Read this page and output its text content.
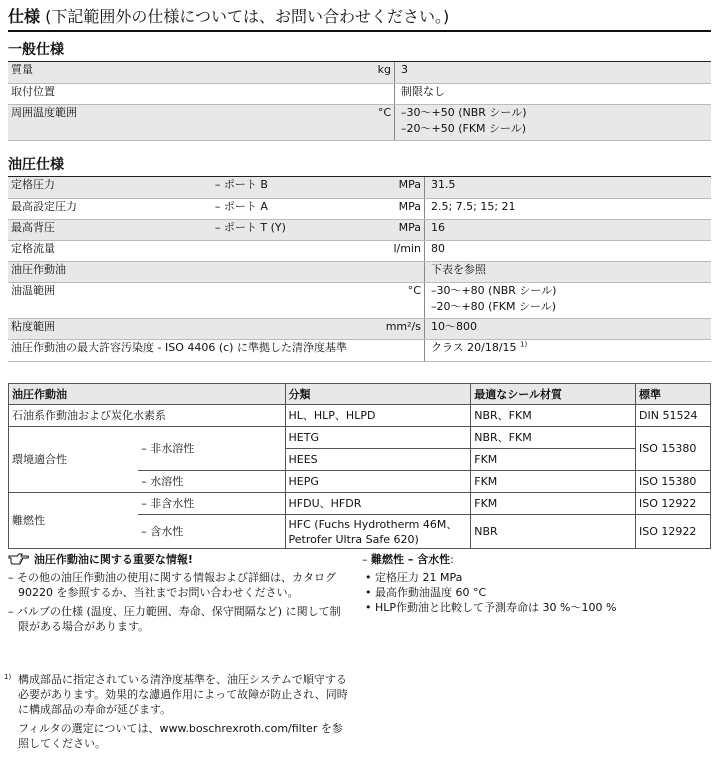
仕様 (下記範囲外の仕様については、お問い合わせください。)
一般仕様
質量		kg	3

取付位置			制限なし

周囲温度範囲		°C	–30〜+50 (NBR シール)
–20〜+50 (FKM シール)
油圧仕様
定格圧力	– ポート B	MPa	31.5

最高設定圧力	– ポート A	MPa	2.5; 7.5; 15; 21

最高背圧	– ポート T (Y)	MPa	16

定格流量		l/min	80

油圧作動油			下表を参照

油温範囲		°C	–30〜+80 (NBR シール)
–20〜+80 (FKM シール)

粘度範囲		mm²/s	10〜800

油圧作動油の最大許容汚染度 - ISO 4406 (c) に準拠した清浄度基準			クラス 20/18/15 $^{1)}$
油圧作動油		分類	最適なシール材質	標準
石油系作動油および炭化水素系		HL、HLP、HLPD	NBR、FKM	DIN 51524
環境適合性	– 非水溶性	HETG	NBR、FKM	ISO 15380
		HEES	FKM	
	– 水溶性	HEPG	FKM	ISO 15380
難燃性	– 非含水性	HFDU、HFDR	FKM	ISO 12922
	– 含水性	HFC (Fuchs Hydrotherm 46M、
Petrofer Ultra Safe 620)	NBR	ISO 12922
油圧作動油に関する重要な情報!
– その他の油圧作動油の使用に関する情報および詳細は、カタログ 90220 を参照するか、当社までお問い合わせください。
– バルブの仕様 (温度、圧力範囲、寿命、保守間隔など) に関して制限がある場合があります。
– 難燃性 – 含水性:
• 定格圧力 21 MPa
• 最高作動油温度 60 °C
• HLP作動油と比較して予測寿命は 30 %〜100 %
1) 構成部品に指定されている清浄度基準を、油圧システムで順守する必要があります。効果的な濾過作用によって故障が防止され、同時に構成部品の寿命が延びます。

フィルタの選定については、www.boschrexroth.com/filter を参照してください。
